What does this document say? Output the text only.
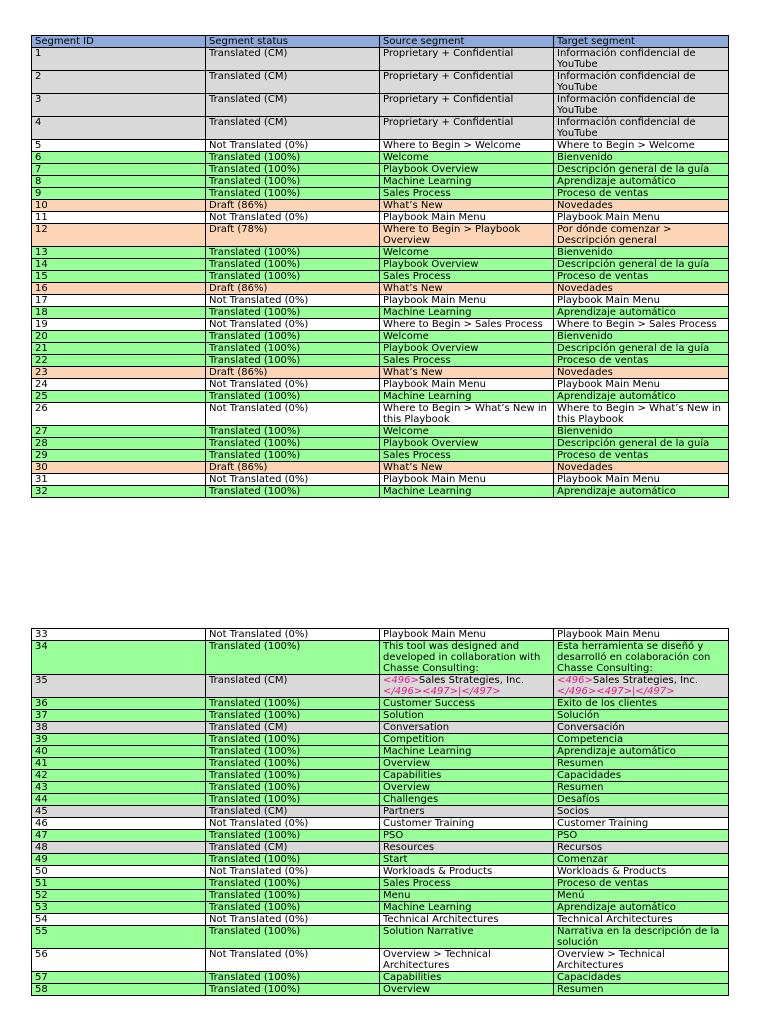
Segment ID	Segment status	Source segment	Target segment
1	Translated (CM)	Proprietary + Confidential	Información confidencial de YouTube
2	Translated (CM)	Proprietary + Confidential	Información confidencial de YouTube
3	Translated (CM)	Proprietary + Confidential	Información confidencial de YouTube
4	Translated (CM)	Proprietary + Confidential	Información confidencial de YouTube
5	Not Translated (0%)	Where to Begin > Welcome	Where to Begin > Welcome
6	Translated (100%)	Welcome	Bienvenido
7	Translated (100%)	Playbook Overview	Descripción general de la guía
8	Translated (100%)	Machine Learning	Aprendizaje automático
9	Translated (100%)	Sales Process	Proceso de ventas
10	Draft (86%)	What’s New	Novedades
11	Not Translated (0%)	Playbook Main Menu	Playbook Main Menu
12	Draft (78%)	Where to Begin > Playbook Overview	Por dónde comenzar > Descripción general
13	Translated (100%)	Welcome	Bienvenido
14	Translated (100%)	Playbook Overview	Descripción general de la guía
15	Translated (100%)	Sales Process	Proceso de ventas
16	Draft (86%)	What’s New	Novedades
17	Not Translated (0%)	Playbook Main Menu	Playbook Main Menu
18	Translated (100%)	Machine Learning	Aprendizaje automático
19	Not Translated (0%)	Where to Begin > Sales Process	Where to Begin > Sales Process
20	Translated (100%)	Welcome	Bienvenido
21	Translated (100%)	Playbook Overview	Descripción general de la guía
22	Translated (100%)	Sales Process	Proceso de ventas
23	Draft (86%)	What’s New	Novedades
24	Not Translated (0%)	Playbook Main Menu	Playbook Main Menu
25	Translated (100%)	Machine Learning	Aprendizaje automático
26	Not Translated (0%)	Where to Begin > What’s New in this Playbook	Where to Begin > What’s New in this Playbook
27	Translated (100%)	Welcome	Bienvenido
28	Translated (100%)	Playbook Overview	Descripción general de la guía
29	Translated (100%)	Sales Process	Proceso de ventas
30	Draft (86%)	What’s New	Novedades
31	Not Translated (0%)	Playbook Main Menu	Playbook Main Menu
32	Translated (100%)	Machine Learning	Aprendizaje automático
33	Not Translated (0%)	Playbook Main Menu	Playbook Main Menu
34	Translated (100%)	This tool was designed and developed in collaboration with Chasse Consulting:	Esta herramienta se diseñó y desarrolló en colaboración con Chasse Consulting:
35	Translated (CM)	<496>Sales Strategies, Inc. </496><497>|</497>	<496>Sales Strategies, Inc. </496><497>|</497>
36	Translated (100%)	Customer Success	Éxito de los clientes
37	Translated (100%)	Solution	Solución
38	Translated (CM)	Conversation	Conversación
39	Translated (100%)	Competition	Competencia
40	Translated (100%)	Machine Learning	Aprendizaje automático
41	Translated (100%)	Overview	Resumen
42	Translated (100%)	Capabilities	Capacidades
43	Translated (100%)	Overview	Resumen
44	Translated (100%)	Challenges	Desafíos
45	Translated (CM)	Partners	Socios
46	Not Translated (0%)	Customer Training	Customer Training
47	Translated (100%)	PSO	PSO
48	Translated (CM)	Resources	Recursos
49	Translated (100%)	Start	Comenzar
50	Not Translated (0%)	Workloads & Products	Workloads & Products
51	Translated (100%)	Sales Process	Proceso de ventas
52	Translated (100%)	Menu	Menú
53	Translated (100%)	Machine Learning	Aprendizaje automático
54	Not Translated (0%)	Technical Architectures	Technical Architectures
55	Translated (100%)	Solution Narrative	Narrativa en la descripción de la solución
56	Not Translated (0%)	Overview > Technical Architectures	Overview > Technical Architectures
57	Translated (100%)	Capabilities	Capacidades
58	Translated (100%)	Overview	Resumen
